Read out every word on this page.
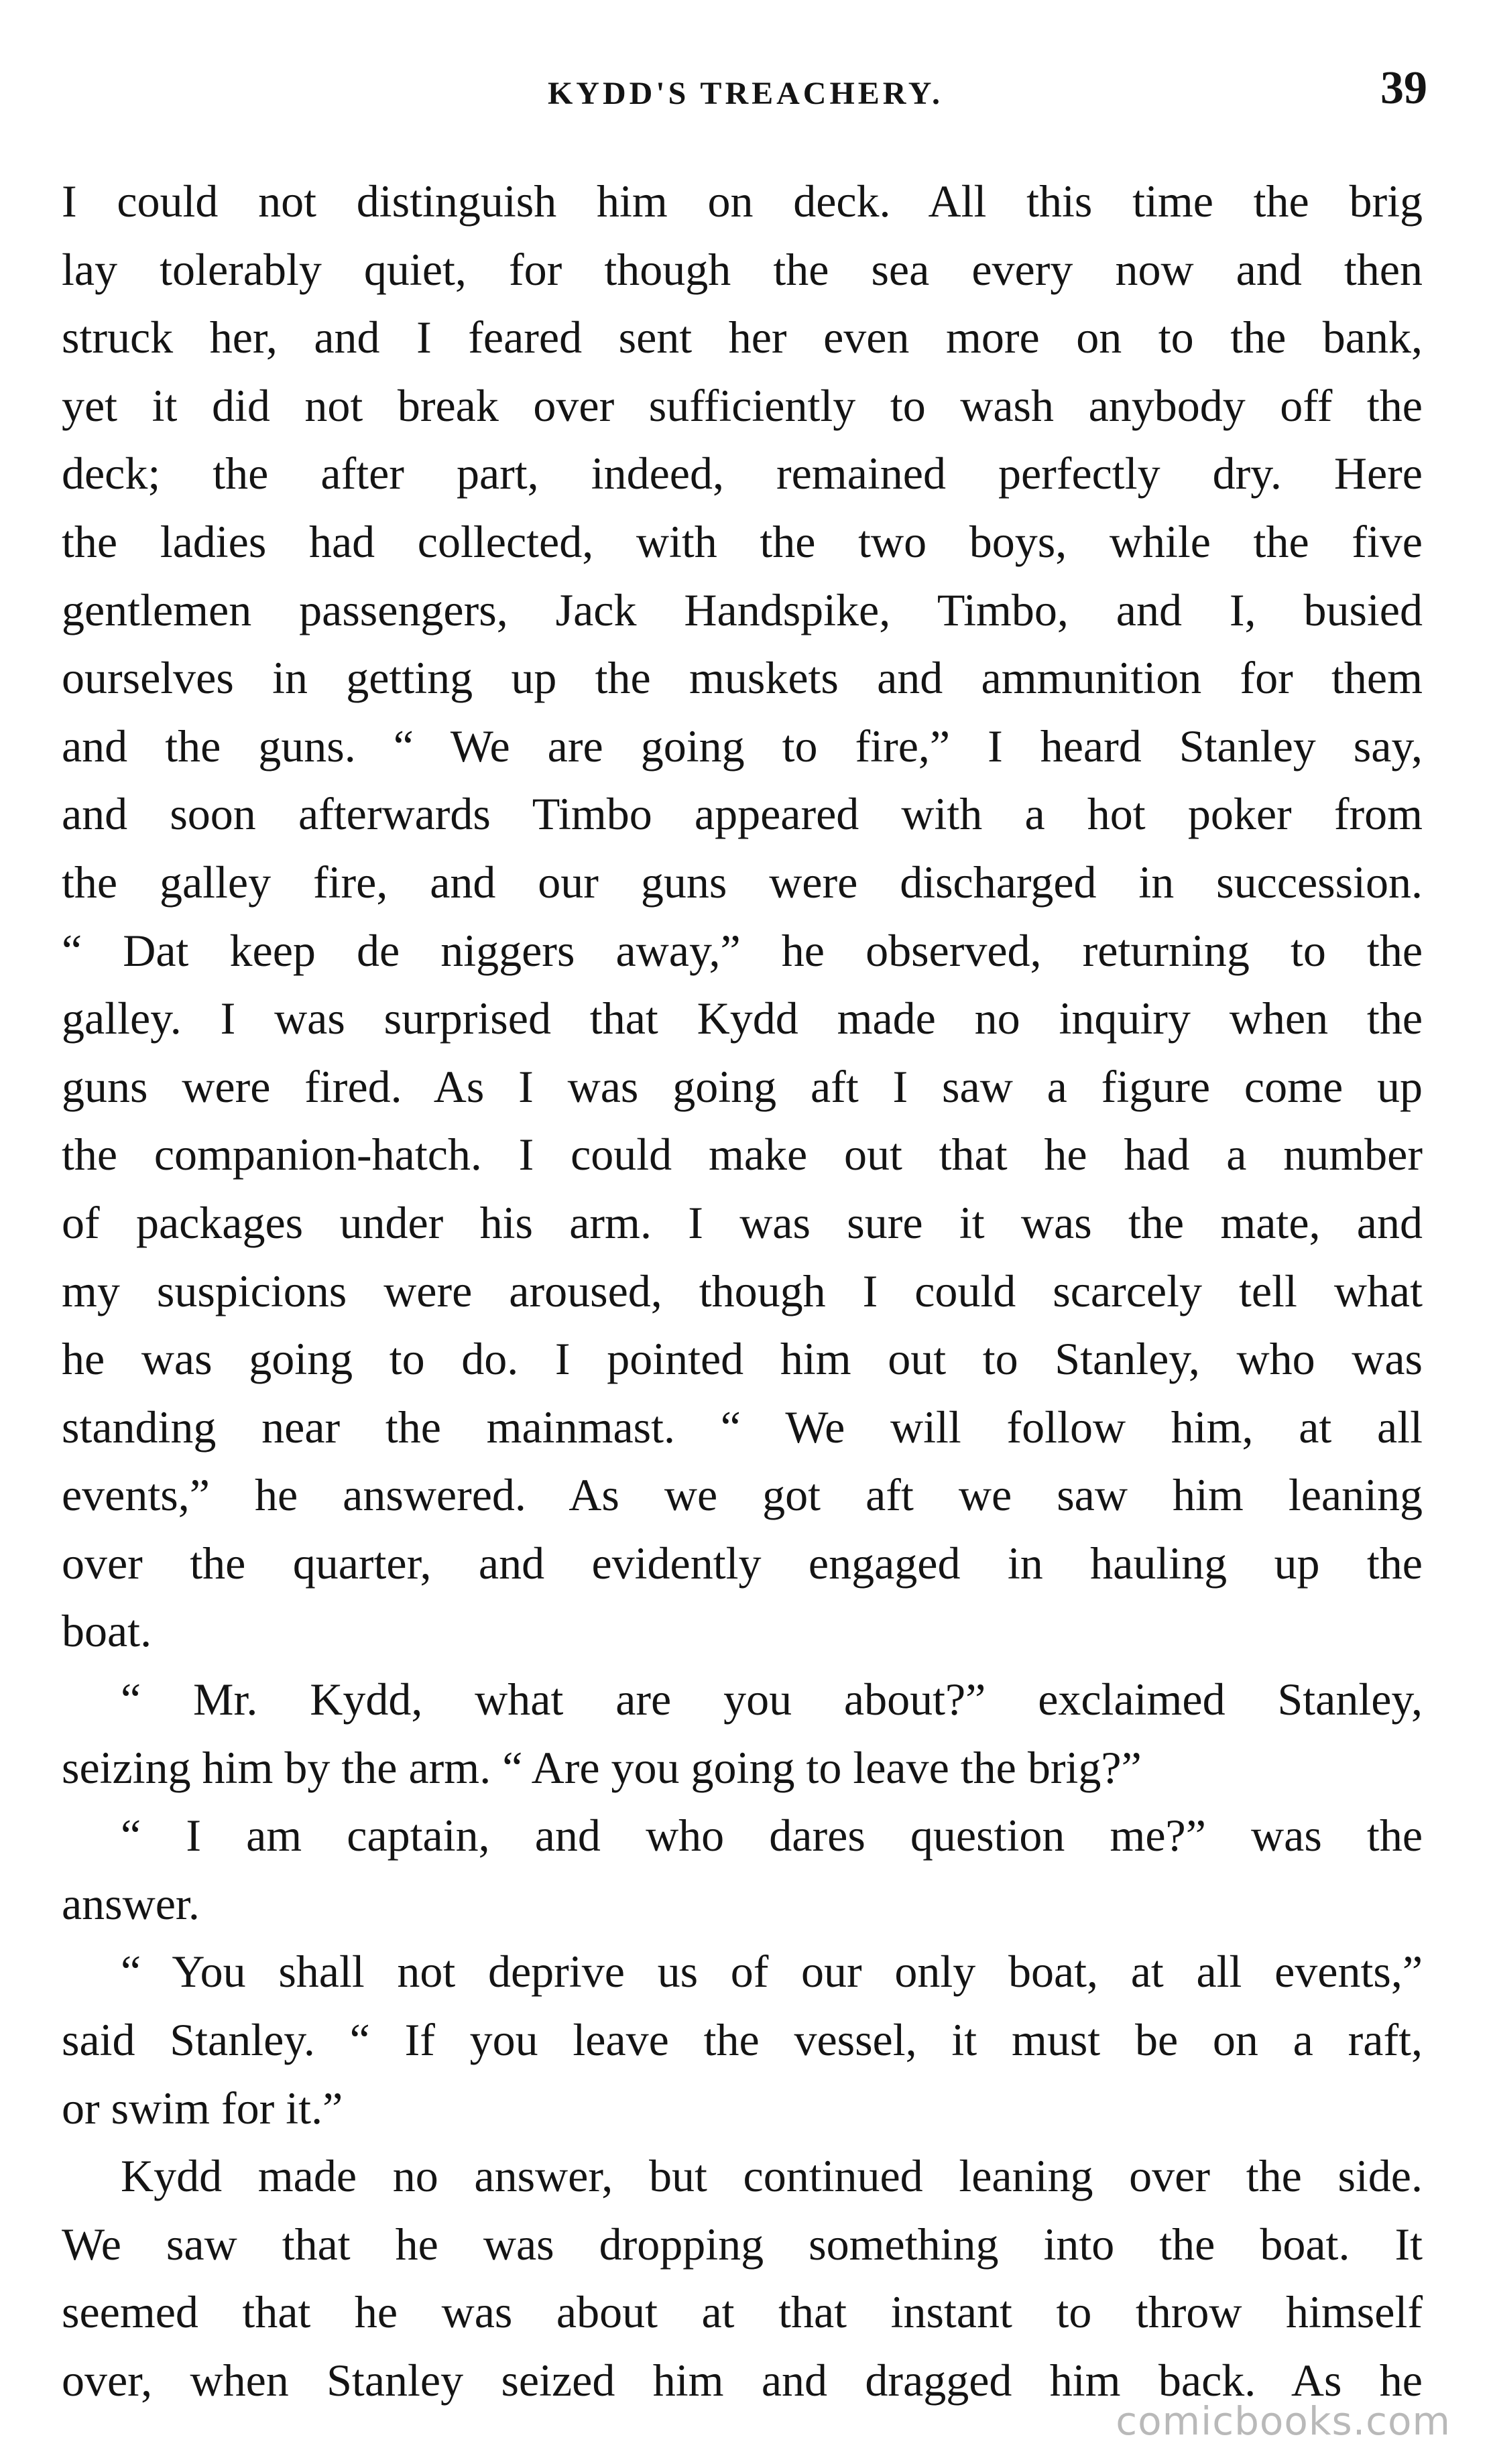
KYDD'S TREACHERY.	39
I could not distinguish him on deck. All this time the brig
lay tolerably quiet, for though the sea every now and then
struck her, and I feared sent her even more on to the bank,
yet it did not break over sufficiently to wash anybody off the
deck; the after part, indeed, remained perfectly dry. Here
the ladies had collected, with the two boys, while the five
gentlemen passengers, Jack Handspike, Timbo, and I, busied
ourselves in getting up the muskets and ammunition for them
and the guns. “ We are going to fire,” I heard Stanley say,
and soon afterwards Timbo appeared with a hot poker from
the galley fire, and our guns were discharged in succession.
“ Dat keep de niggers away,” he observed, returning to the
galley. I was surprised that Kydd made no inquiry when the
guns were fired. As I was going aft I saw a figure come up
the companion-hatch. I could make out that he had a number
of packages under his arm. I was sure it was the mate, and
my suspicions were aroused, though I could scarcely tell what
he was going to do. I pointed him out to Stanley, who was
standing near the mainmast. “ We will follow him, at all
events,” he answered. As we got aft we saw him leaning
over the quarter, and evidently engaged in hauling up the
boat.
“ Mr. Kydd, what are you about?” exclaimed Stanley,
seizing him by the arm. “ Are you going to leave the brig?”
“ I am captain, and who dares question me?” was the
answer.
“ You shall not deprive us of our only boat, at all events,”
said Stanley. “ If you leave the vessel, it must be on a raft,
or swim for it.”
Kydd made no answer, but continued leaning over the side.
We saw that he was dropping something into the boat. It
seemed that he was about at that instant to throw himself
over, when Stanley seized him and dragged him back. As he
comicbooks.com
